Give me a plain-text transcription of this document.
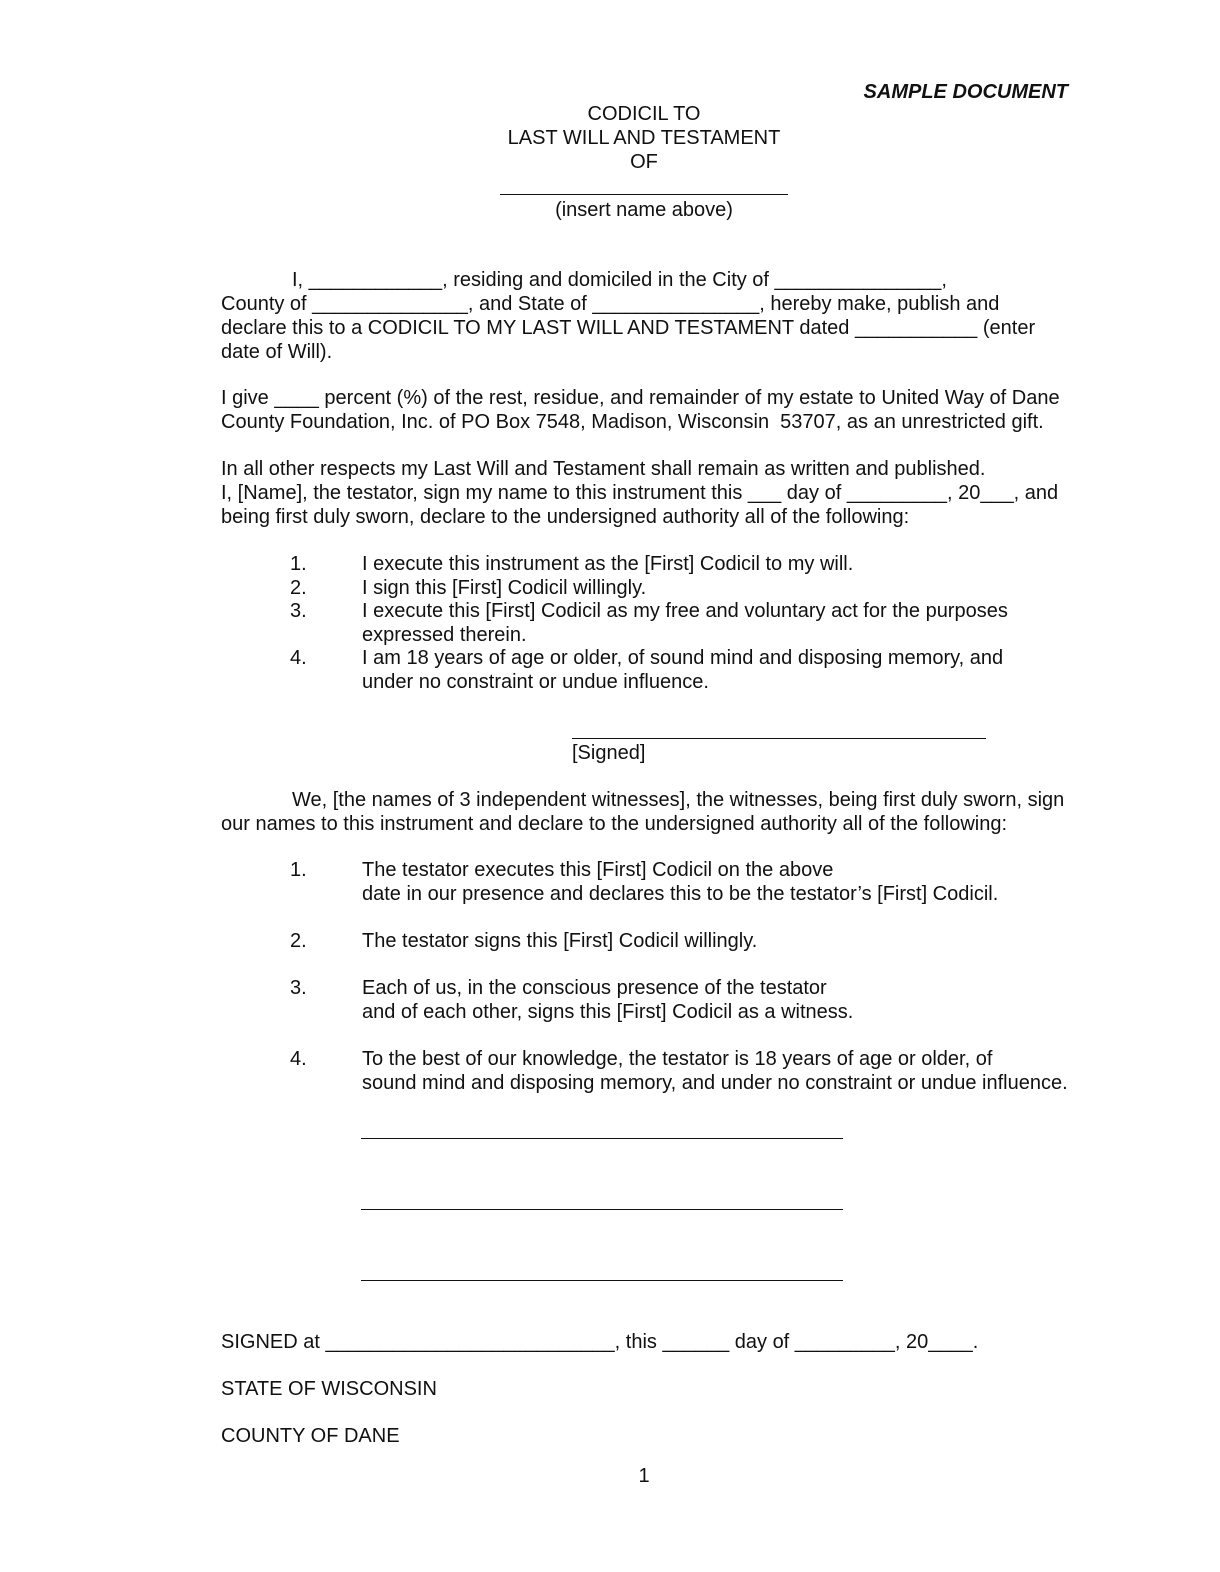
SAMPLE DOCUMENT
CODICIL TO
LAST WILL AND TESTAMENT
OF
(insert name above)
I, ____________, residing and domiciled in the City of _______________,
County of ______________, and State of _______________, hereby make, publish and
declare this to a CODICIL TO MY LAST WILL AND TESTAMENT dated ___________ (enter
date of Will).
I give ____ percent (%) of the rest, residue, and remainder of my estate to United Way of Dane
County Foundation, Inc. of PO Box 7548, Madison, Wisconsin  53707, as an unrestricted gift.
In all other respects my Last Will and Testament shall remain as written and published.
I, [Name], the testator, sign my name to this instrument this ___ day of _________, 20___, and
being first duly sworn, declare to the undersigned authority all of the following:
1.	I execute this instrument as the [First] Codicil to my will.
2.	I sign this [First] Codicil willingly.
3.	I execute this [First] Codicil as my free and voluntary act for the purposes
expressed therein.
4.	I am 18 years of age or older, of sound mind and disposing memory, and
under no constraint or undue influence.
[Signed]
We, [the names of 3 independent witnesses], the witnesses, being first duly sworn, sign
our names to this instrument and declare to the undersigned authority all of the following:
1.	The testator executes this [First] Codicil on the above
date in our presence and declares this to be the testator’s [First] Codicil.
2.	The testator signs this [First] Codicil willingly.
3.	Each of us, in the conscious presence of the testator
and of each other, signs this [First] Codicil as a witness.
4.	To the best of our knowledge, the testator is 18 years of age or older, of
sound mind and disposing memory, and under no constraint or undue influence.
SIGNED at __________________________, this ______ day of _________, 20____.
STATE OF WISCONSIN
COUNTY OF DANE
1
